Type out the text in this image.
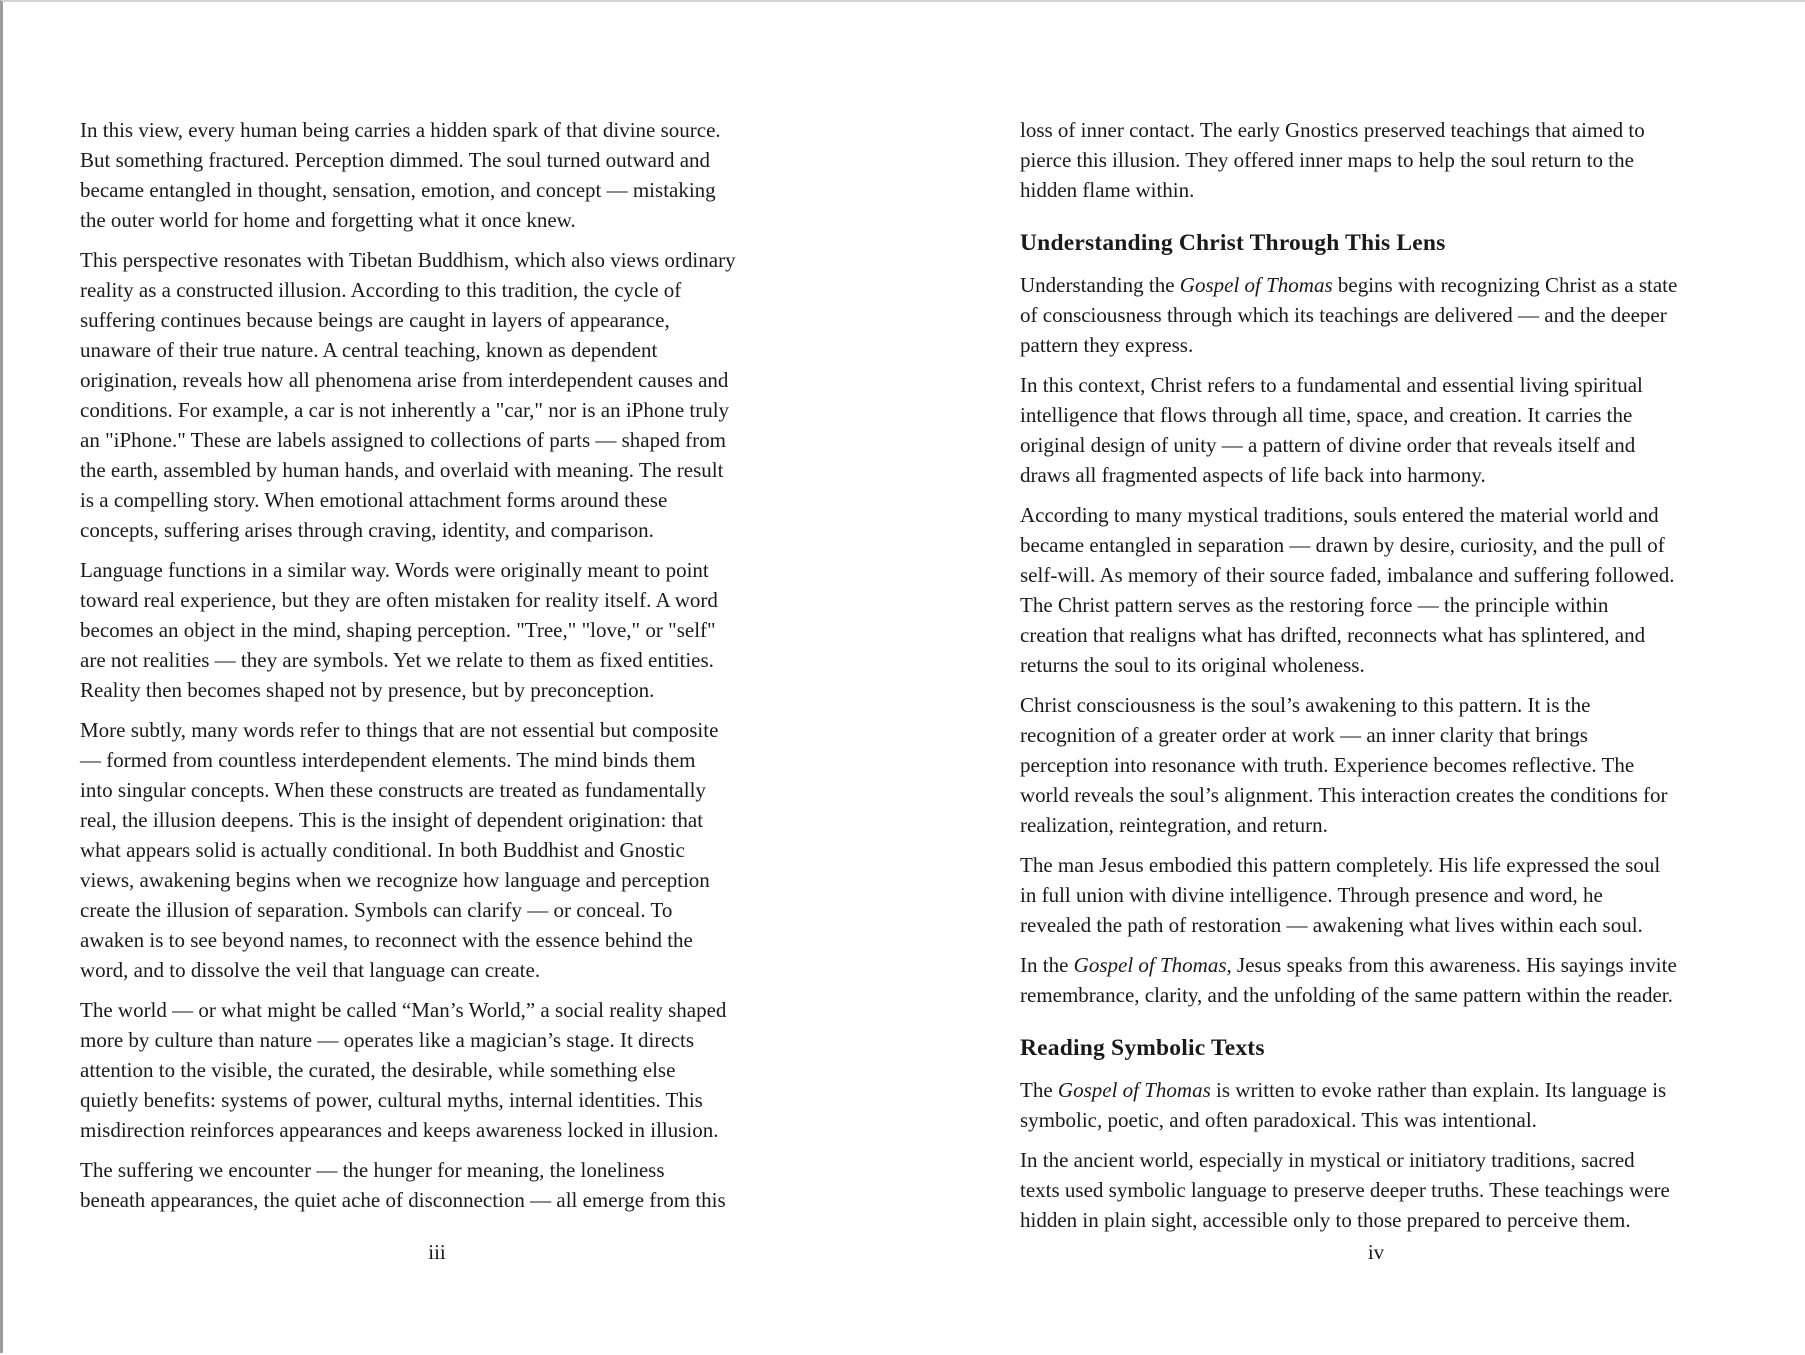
In this view, every human being carries a hidden spark of that divine source.
But something fractured. Perception dimmed. The soul turned outward and
became entangled in thought, sensation, emotion, and concept — mistaking
the outer world for home and forgetting what it once knew.
This perspective resonates with Tibetan Buddhism, which also views ordinary
reality as a constructed illusion. According to this tradition, the cycle of
suffering continues because beings are caught in layers of appearance,
unaware of their true nature. A central teaching, known as dependent
origination, reveals how all phenomena arise from interdependent causes and
conditions. For example, a car is not inherently a "car," nor is an iPhone truly
an "iPhone." These are labels assigned to collections of parts — shaped from
the earth, assembled by human hands, and overlaid with meaning. The result
is a compelling story. When emotional attachment forms around these
concepts, suffering arises through craving, identity, and comparison.
Language functions in a similar way. Words were originally meant to point
toward real experience, but they are often mistaken for reality itself. A word
becomes an object in the mind, shaping perception. "Tree," "love," or "self"
are not realities — they are symbols. Yet we relate to them as fixed entities.
Reality then becomes shaped not by presence, but by preconception.
More subtly, many words refer to things that are not essential but composite
— formed from countless interdependent elements. The mind binds them
into singular concepts. When these constructs are treated as fundamentally
real, the illusion deepens. This is the insight of dependent origination: that
what appears solid is actually conditional. In both Buddhist and Gnostic
views, awakening begins when we recognize how language and perception
create the illusion of separation. Symbols can clarify — or conceal. To
awaken is to see beyond names, to reconnect with the essence behind the
word, and to dissolve the veil that language can create.
The world — or what might be called “Man’s World,” a social reality shaped
more by culture than nature — operates like a magician’s stage. It directs
attention to the visible, the curated, the desirable, while something else
quietly benefits: systems of power, cultural myths, internal identities. This
misdirection reinforces appearances and keeps awareness locked in illusion.
The suffering we encounter — the hunger for meaning, the loneliness
beneath appearances, the quiet ache of disconnection — all emerge from this
iii
loss of inner contact. The early Gnostics preserved teachings that aimed to
pierce this illusion. They offered inner maps to help the soul return to the
hidden flame within.
Understanding Christ Through This Lens
Understanding the Gospel of Thomas begins with recognizing Christ as a state
of consciousness through which its teachings are delivered — and the deeper
pattern they express.
In this context, Christ refers to a fundamental and essential living spiritual
intelligence that flows through all time, space, and creation. It carries the
original design of unity — a pattern of divine order that reveals itself and
draws all fragmented aspects of life back into harmony.
According to many mystical traditions, souls entered the material world and
became entangled in separation — drawn by desire, curiosity, and the pull of
self-will. As memory of their source faded, imbalance and suffering followed.
The Christ pattern serves as the restoring force — the principle within
creation that realigns what has drifted, reconnects what has splintered, and
returns the soul to its original wholeness.
Christ consciousness is the soul’s awakening to this pattern. It is the
recognition of a greater order at work — an inner clarity that brings
perception into resonance with truth. Experience becomes reflective. The
world reveals the soul’s alignment. This interaction creates the conditions for
realization, reintegration, and return.
The man Jesus embodied this pattern completely. His life expressed the soul
in full union with divine intelligence. Through presence and word, he
revealed the path of restoration — awakening what lives within each soul.
In the Gospel of Thomas, Jesus speaks from this awareness. His sayings invite
remembrance, clarity, and the unfolding of the same pattern within the reader.
Reading Symbolic Texts
The Gospel of Thomas is written to evoke rather than explain. Its language is
symbolic, poetic, and often paradoxical. This was intentional.
In the ancient world, especially in mystical or initiatory traditions, sacred
texts used symbolic language to preserve deeper truths. These teachings were
hidden in plain sight, accessible only to those prepared to perceive them.
iv
